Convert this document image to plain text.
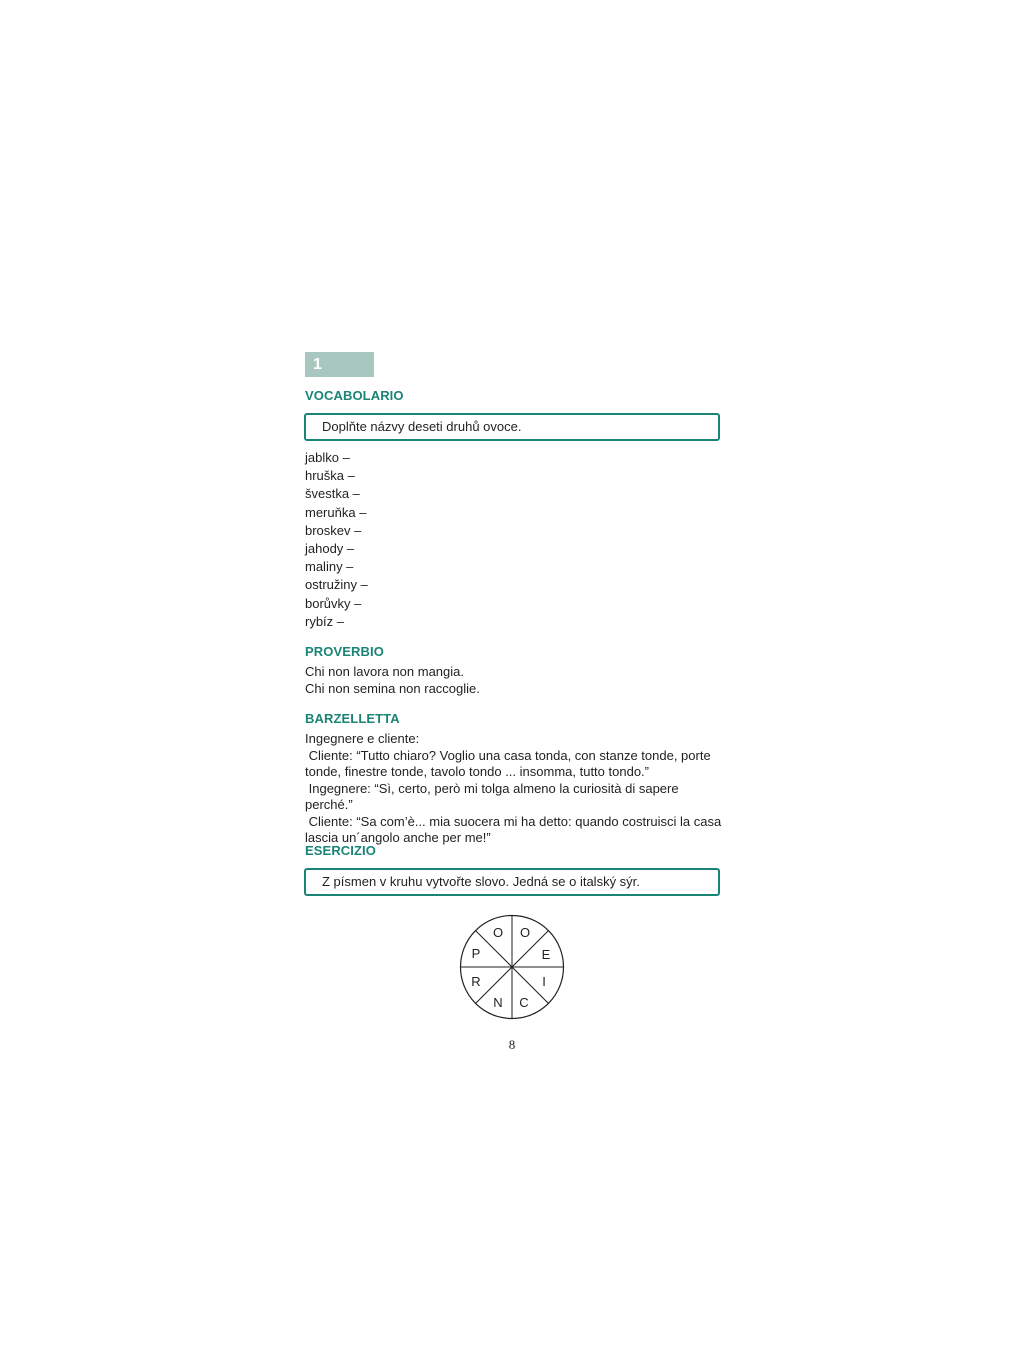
1
VOCABOLARIO
Doplňte názvy deseti druhů ovoce.
jablko –
hruška –
švestka –
meruňka –
broskev –
jahody –
maliny –
ostružiny –
borůvky –
rybíz –
PROVERBIO

Chi non lavora non mangia.

Chi non semina non raccoglie.

BARZELLETTA

Ingegnere e cliente:

Cliente: “Tutto chiaro? Voglio una casa tonda, con stanze tonde, porte

tonde, finestre tonde, tavolo tondo ... insomma, tutto tondo.”

Ingegnere: “Sì, certo, però mi tolga almeno la curiosità di sapere perché.”

Cliente: “Sa com’è... mia suocera mi ha detto: quando costruisci la casa

lascia un´angolo anche per me!”

ESERCIZIO
Z písmen v kruhu vytvořte slovo. Jedná se o italský sýr.
O O
E
I
C
N
R
P
8
